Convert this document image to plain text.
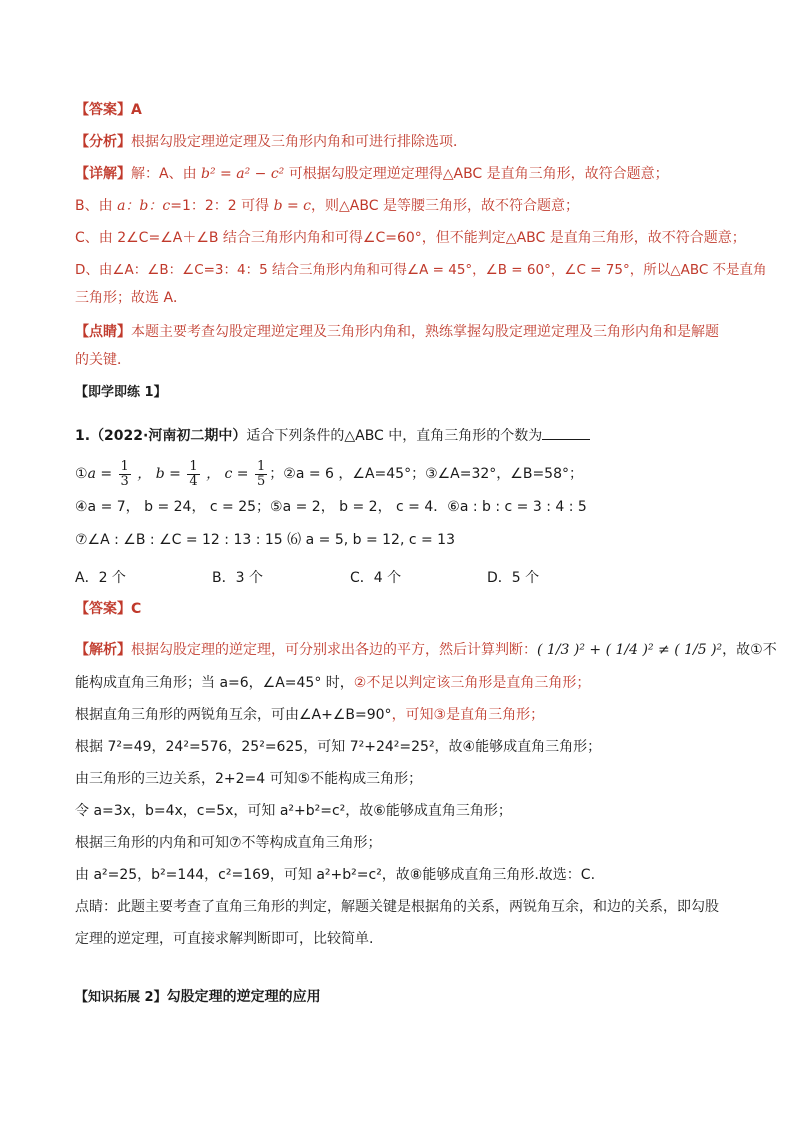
【答案】A
【分析】根据勾股定理逆定理及三角形内角和可进行排除选项．
【详解】解：A、由 b² = a² − c² 可根据勾股定理逆定理得△ABC 是直角三角形，故符合题意；
B、由 a：b：c=1：2：2 可得 b = c，则△ABC 是等腰三角形，故不符合题意；
C、由 2∠C=∠A＋∠B 结合三角形内角和可得∠C=60°，但不能判定△ABC 是直角三角形，故不符合题意；
D、由∠A：∠B：∠C=3：4：5 结合三角形内角和可得∠A = 45°，∠B = 60°，∠C = 75°，所以△ABC 不是直角
三角形；故选 A．
【点睛】本题主要考查勾股定理逆定理及三角形内角和，熟练掌握勾股定理逆定理及三角形内角和是解题
的关键．
【即学即练 1】
1.（2022·河南初二期中）适合下列条件的△ABC 中，直角三角形的个数为
①a = $\frac{1}{3}$ ， $b = \frac{1}{4}$ ， $c = \frac{1}{5}$ ；②a = 6 ，∠A=45°；③∠A=32°，∠B=58°；
④a = 7， b = 24， c = 25；⑤a = 2， b = 2， c = 4．⑥a : b : c = 3 : 4 : 5
⑦∠A : ∠B : ∠C = 12 : 13 : 15 ⑹ a = 5, b = 12, c = 13
A．2 个	B．3 个	C．4 个	D．5 个
【答案】C
【解析】根据勾股定理的逆定理，可分别求出各边的平方，然后计算判断：( 1/3 )² + ( 1/4 )² ≠ ( 1/5 )²，故①不
能构成直角三角形；当 a=6，∠A=45° 时，②不足以判定该三角形是直角三角形；
根据直角三角形的两锐角互余，可由∠A+∠B=90°，可知③是直角三角形；
根据 7²=49，24²=576，25²=625，可知 7²+24²=25²，故④能够成直角三角形；
由三角形的三边关系，2+2=4 可知⑤不能构成三角形；
令 a=3x，b=4x，c=5x，可知 a²+b²=c²，故⑥能够成直角三角形；
根据三角形的内角和可知⑦不等构成直角三角形；
由 a²=25，b²=144，c²=169，可知 a²+b²=c²，故⑧能够成直角三角形.故选：C.
点睛：此题主要考查了直角三角形的判定，解题关键是根据角的关系，两锐角互余，和边的关系，即勾股
定理的逆定理，可直接求解判断即可，比较简单.
【知识拓展 2】勾股定理的逆定理的应用
